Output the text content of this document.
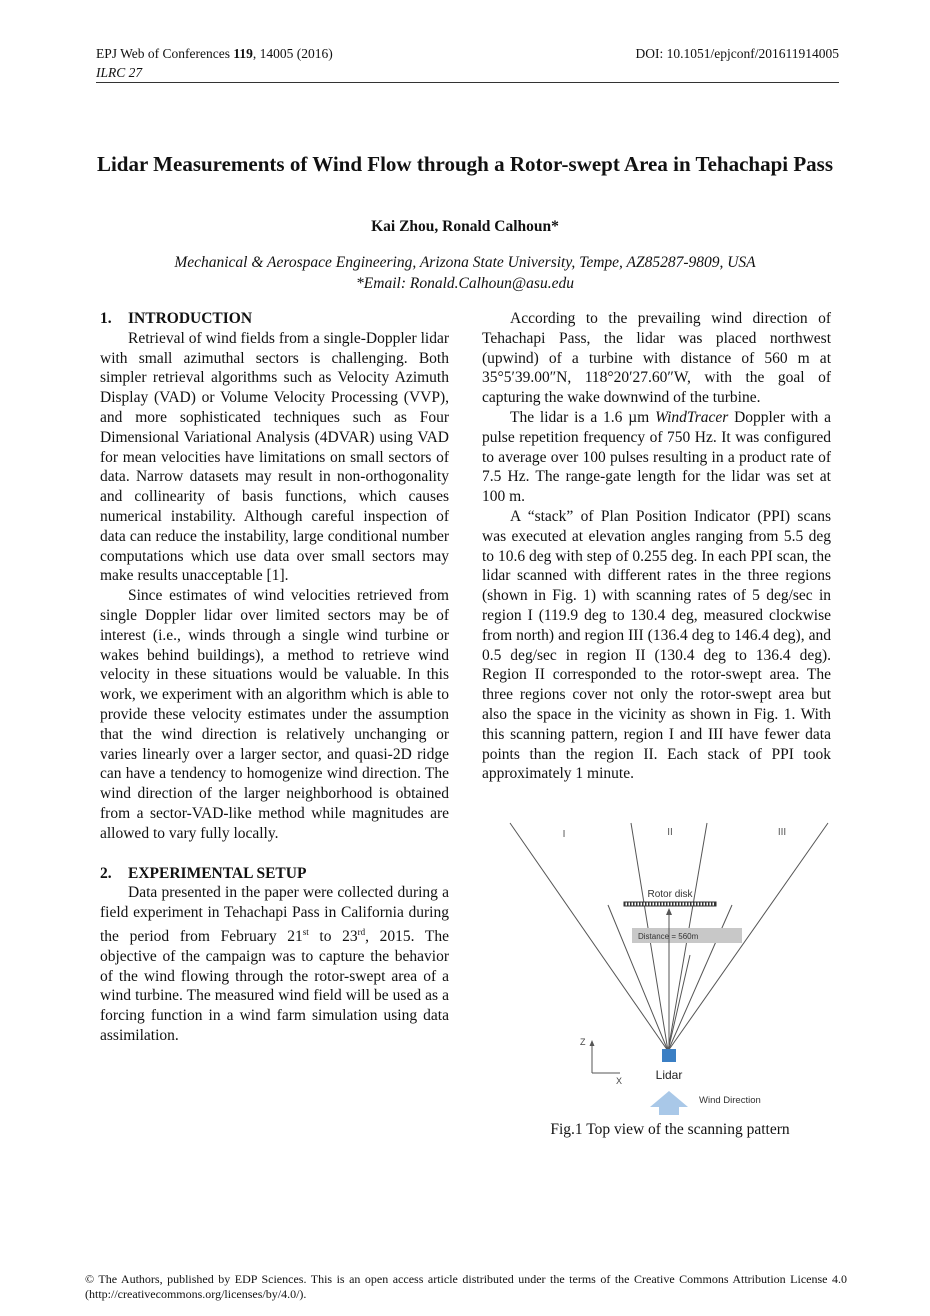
EPJ Web of Conferences 119, 14005 (2016)
ILRC 27
DOI: 10.1051/epjconf/201611914005
Lidar Measurements of Wind Flow through a Rotor-swept Area in Tehachapi Pass
Kai Zhou, Ronald Calhoun*
Mechanical & Aerospace Engineering, Arizona State University, Tempe, AZ85287-9809, USA
*Email: Ronald.Calhoun@asu.edu

1. INTRODUCTION

Retrieval of wind fields from a single-Doppler lidar with small azimuthal sectors is challenging. Both simpler retrieval algorithms such as Velocity Azimuth Display (VAD) or Volume Velocity Processing (VVP), and more sophisticated techniques such as Four Dimensional Variational Analysis (4DVAR) using VAD for mean velocities have limitations on small sectors of data. Narrow datasets may result in non-orthogonality and collinearity of basis functions, which causes numerical instability. Although careful inspection of data can reduce the instability, large conditional number computations which use data over small sectors may make results unacceptable [1].

Since estimates of wind velocities retrieved from single Doppler lidar over limited sectors may be of interest (i.e., winds through a single wind turbine or wakes behind buildings), a method to retrieve wind velocity in these situations would be valuable. In this work, we experiment with an algorithm which is able to provide these velocity estimates under the assumption that the wind direction is relatively unchanging or varies linearly over a larger sector, and quasi-2D ridge can have a tendency to homogenize wind direction. The wind direction of the larger neighborhood is obtained from a sector-VAD-like method while magnitudes are allowed to vary fully locally.

2. EXPERIMENTAL SETUP

Data presented in the paper were collected during a field experiment in Tehachapi Pass in California during the period from February 21st to 23rd, 2015. The objective of the campaign was to capture the behavior of the wind flowing through the rotor-swept area of a wind turbine. The measured wind field will be used as a forcing function in a wind farm simulation using data assimilation.

According to the prevailing wind direction of Tehachapi Pass, the lidar was placed northwest (upwind) of a turbine with distance of 560 m at 35°5′39.00″N, 118°20′27.60″W, with the goal of capturing the wake downwind of the turbine.

The lidar is a 1.6 µm WindTracer Doppler with a pulse repetition frequency of 750 Hz. It was configured to average over 100 pulses resulting in a product rate of 7.5 Hz. The range-gate length for the lidar was set at 100 m.

A “stack” of Plan Position Indicator (PPI) scans was executed at elevation angles ranging from 5.5 deg to 10.6 deg with step of 0.255 deg. In each PPI scan, the lidar scanned with different rates in the three regions (shown in Fig. 1) with scanning rates of 5 deg/sec in region I (119.9 deg to 130.4 deg, measured clockwise from north) and region III (136.4 deg to 146.4 deg), and 0.5 deg/sec in region II (130.4 deg to 136.4 deg). Region II corresponded to the rotor-swept area. The three regions cover not only the rotor-swept area but also the space in the vicinity as shown in Fig. 1. With this scanning pattern, region I and III have fewer data points than the region II. Each stack of PPI took approximately 1 minute.

I	II	III
Rotor disk
Distance = 560m
Z
X	Lidar
Wind Direction
Fig.1 Top view of the scanning pattern
© The Authors, published by EDP Sciences. This is an open access article distributed under the terms of the Creative Commons Attribution License 4.0 (http://creativecommons.org/licenses/by/4.0/).
